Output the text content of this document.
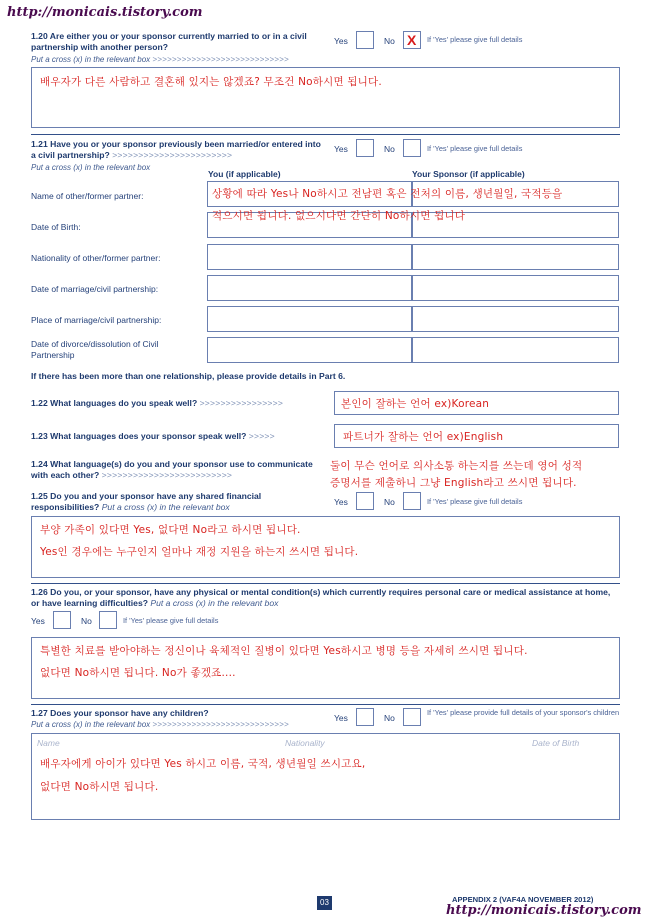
http://monicais.tistory.com
1.20 Are either you or your sponsor currently married to or in a civil partnership with another person?
Put a cross (x) in the relevant box >>>>>>>>>>>>>>>>>>>>>>>>>>>>
Yes	No X If 'Yes' please give full details
배우자가 다른 사람하고 결혼해 있지는 않겠죠? 무조건 No하시면 됩니다.
1.21 Have you or your sponsor previously been married/or entered into a civil partnership? >>>>>>>>>>>>>>>>>>>>>>>
Put a cross (x) in the relevant box
Yes	No	If 'Yes' please give full details
You (if applicable)	Your Sponsor (if applicable)
Name of other/former partner:
Date of Birth:
Nationality of other/former partner:
Date of marriage/civil partnership:
Place of marriage/civil partnership:
Date of divorce/dissolution of Civil Partnership
상황에 따라 Yes나 No하시고 전남편 혹은 전처의 이름, 생년월일, 국적등을
적으시면 됩니다. 없으시다면 간단히 No하시면 됩니다
If there has been more than one relationship, please provide details in Part 6.
1.22 What languages do you speak well? >>>>>>>>>>>>>>>>	본인이 잘하는 언어 ex)Korean
1.23 What languages does your sponsor speak well? >>>>>	파트너가 잘하는 언어 ex)English
1.24 What language(s) do you and your sponsor use to communicate with each other? >>>>>>>>>>>>>>>>>>>>>>>>>
둘이 무슨 언어로 의사소통 하는지를 쓰는데 영어 성적
증명서를 제출하니 그냥 English라고 쓰시면 됩니다.
1.25 Do you and your sponsor have any shared financial responsibilities? Put a cross (x) in the relevant box	Yes	No	If 'Yes' please give full details
부양 가족이 있다면 Yes, 없다면 No라고 하시면 됩니다.
Yes인 경우에는 누구인지 얼마나 재정 지원을 하는지 쓰시면 됩니다.
1.26 Do you, or your sponsor, have any physical or mental condition(s) which currently requires personal care or medical assistance at home, or have learning difficulties? Put a cross (x) in the relevant box
Yes	No	If 'Yes' please give full details
특별한 치료를 받아야하는 정신이나 육체적인 질병이 있다면 Yes하시고 병명 등을 자세히 쓰시면 됩니다.
없다면 No하시면 됩니다. No가 좋겠죠....
1.27 Does your sponsor have any children?
Put a cross (x) in the relevant box >>>>>>>>>>>>>>>>>>>>>>>>>>>>
Yes	No
If 'Yes' please provide full details of your sponsor's children
Name	Nationality	Date of Birth
배우자에게 아이가 있다면 Yes 하시고 이름, 국적, 생년월일 쓰시고요,
없다면 No하시면 됩니다.
03	APPENDIX 2 (VAF4A NOVEMBER 2012)
http://monicais.tistory.com
